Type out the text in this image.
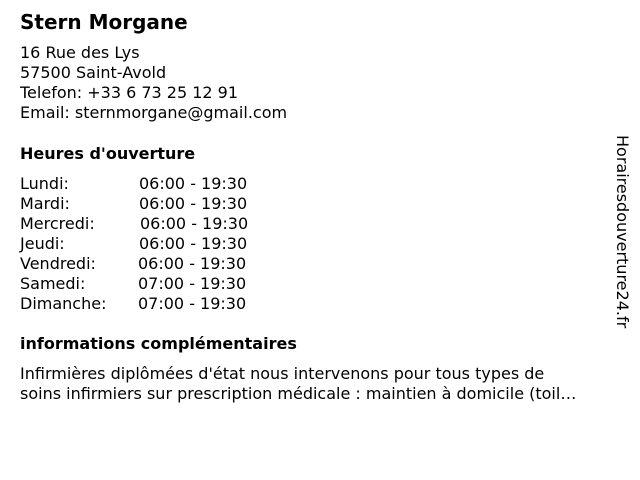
Stern Morgane
16 Rue des Lys
57500 Saint-Avold
Telefon: +33 6 73 25 12 91
Email: sternmorgane@gmail.com
Heures d'ouverture
Lundi:	06:00 - 19:30
Mardi:	06:00 - 19:30
Mercredi:	06:00 - 19:30
Jeudi:	06:00 - 19:30
Vendredi:	06:00 - 19:30
Samedi:	07:00 - 19:30
Dimanche: 07:00 - 19:30
informations complémentaires
Infirmières diplômées d'état nous intervenons pour tous types de
soins infirmiers sur prescription médicale : maintien à domicile (toil…
Horairesdouverture24.fr
